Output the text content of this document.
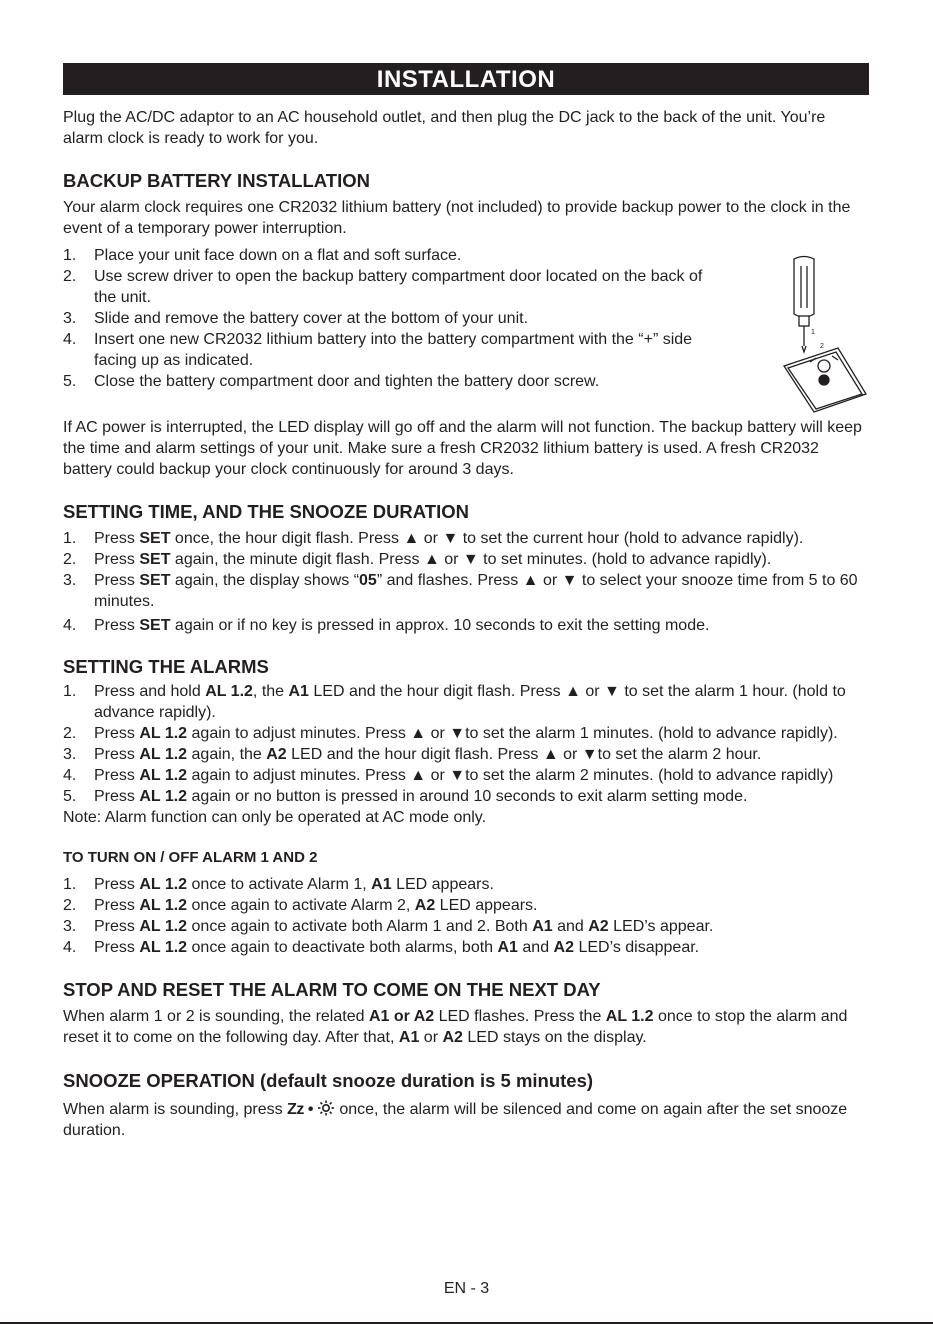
INSTALLATION

Plug the AC/DC adaptor to an AC household outlet, and then plug the DC jack to the back of the unit. You’re alarm clock is ready to work for you.

BACKUP BATTERY INSTALLATION

Your alarm clock requires one CR2032 lithium battery (not included) to provide backup power to the clock in the event of a temporary power interruption.

1. Place your unit face down on a flat and soft surface.
2. Use screw driver to open the backup battery compartment door located on the back of the unit.
3. Slide and remove the battery cover at the bottom of your unit.
4. Insert one new CR2032 lithium battery into the battery compartment with the “+” side facing up as indicated.
5. Close the battery compartment door and tighten the battery door screw.

If AC power is interrupted, the LED display will go off and the alarm will not function. The backup battery will keep the time and alarm settings of your unit. Make sure a fresh CR2032 lithium battery is used. A fresh CR2032 battery could backup your clock continuously for around 3 days.

SETTING TIME, AND THE SNOOZE DURATION
1. Press SET once, the hour digit flash. Press ▲ or ▼ to set the current hour (hold to advance rapidly).
2. Press SET again, the minute digit flash. Press ▲ or ▼ to set minutes. (hold to advance rapidly).
3. Press SET again, the display shows “05” and flashes. Press ▲ or ▼ to select your snooze time from 5 to 60 minutes.
4. Press SET again or if no key is pressed in approx. 10 seconds to exit the setting mode.
SETTING THE ALARMS
1. Press and hold AL 1.2, the A1 LED and the hour digit flash. Press ▲ or ▼ to set the alarm 1 hour. (hold to advance rapidly).
2. Press AL 1.2 again to adjust minutes. Press ▲ or ▼to set the alarm 1 minutes. (hold to advance rapidly).
3. Press AL 1.2 again, the A2 LED and the hour digit flash. Press ▲ or ▼to set the alarm 2 hour.
4. Press AL 1.2 again to adjust minutes. Press ▲ or ▼to set the alarm 2 minutes. (hold to advance rapidly)
5. Press AL 1.2 again or no button is pressed in around 10 seconds to exit alarm setting mode.

Note: Alarm function can only be operated at AC mode only.

TO TURN ON / OFF ALARM 1 AND 2
1. Press AL 1.2 once to activate Alarm 1, A1 LED appears.
2. Press AL 1.2 once again to activate Alarm 2, A2 LED appears.
3. Press AL 1.2 once again to activate both Alarm 1 and 2. Both A1 and A2 LED’s appear.
4. Press AL 1.2 once again to deactivate both alarms, both A1 and A2 LED’s disappear.
STOP AND RESET THE ALARM TO COME ON THE NEXT DAY

When alarm 1 or 2 is sounding, the related A1 or A2 LED flashes. Press the AL 1.2 once to stop the alarm and reset it to come on the following day. After that, A1 or A2 LED stays on the display.

SNOOZE OPERATION (default snooze duration is 5 minutes)

When alarm is sounding, press Zz •  once, the alarm will be silenced and come on again after the set snooze duration.

1
2
EN - 3
